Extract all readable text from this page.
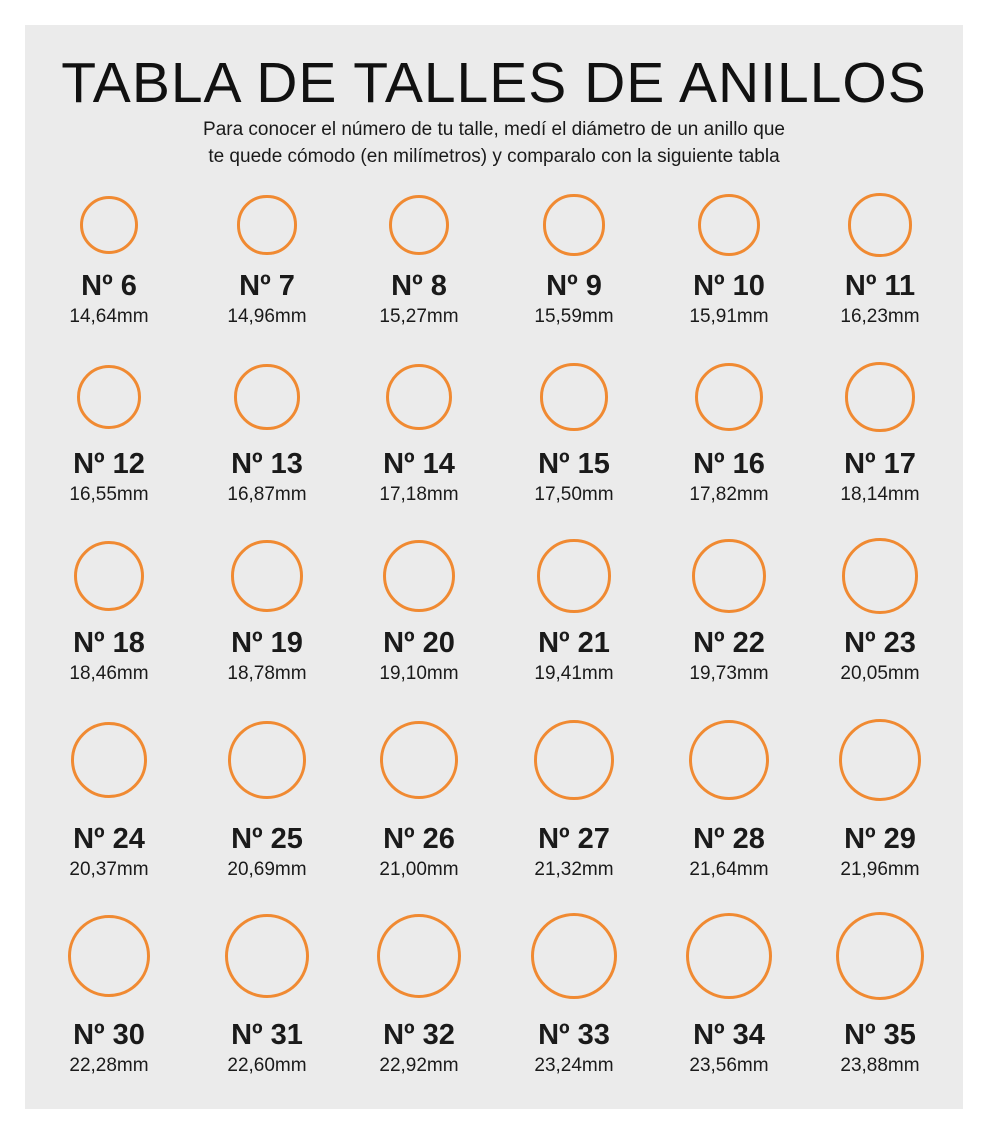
TABLA DE TALLES DE ANILLOS

Para conocer el número de tu talle, medí el diámetro de un anillo que

te quede cómodo (en milímetros) y comparalo con la siguiente tabla

Nº 6
14,64mm
Nº 7
14,96mm
Nº 8
15,27mm
Nº 9
15,59mm
Nº 10
15,91mm
Nº 11
16,23mm
Nº 12
16,55mm
Nº 13
16,87mm
Nº 14
17,18mm
Nº 15
17,50mm
Nº 16
17,82mm
Nº 17
18,14mm
Nº 18
18,46mm
Nº 19
18,78mm
Nº 20
19,10mm
Nº 21
19,41mm
Nº 22
19,73mm
Nº 23
20,05mm
Nº 24
20,37mm
Nº 25
20,69mm
Nº 26
21,00mm
Nº 27
21,32mm
Nº 28
21,64mm
Nº 29
21,96mm
Nº 30
22,28mm
Nº 31
22,60mm
Nº 32
22,92mm
Nº 33
23,24mm
Nº 34
23,56mm
Nº 35
23,88mm
